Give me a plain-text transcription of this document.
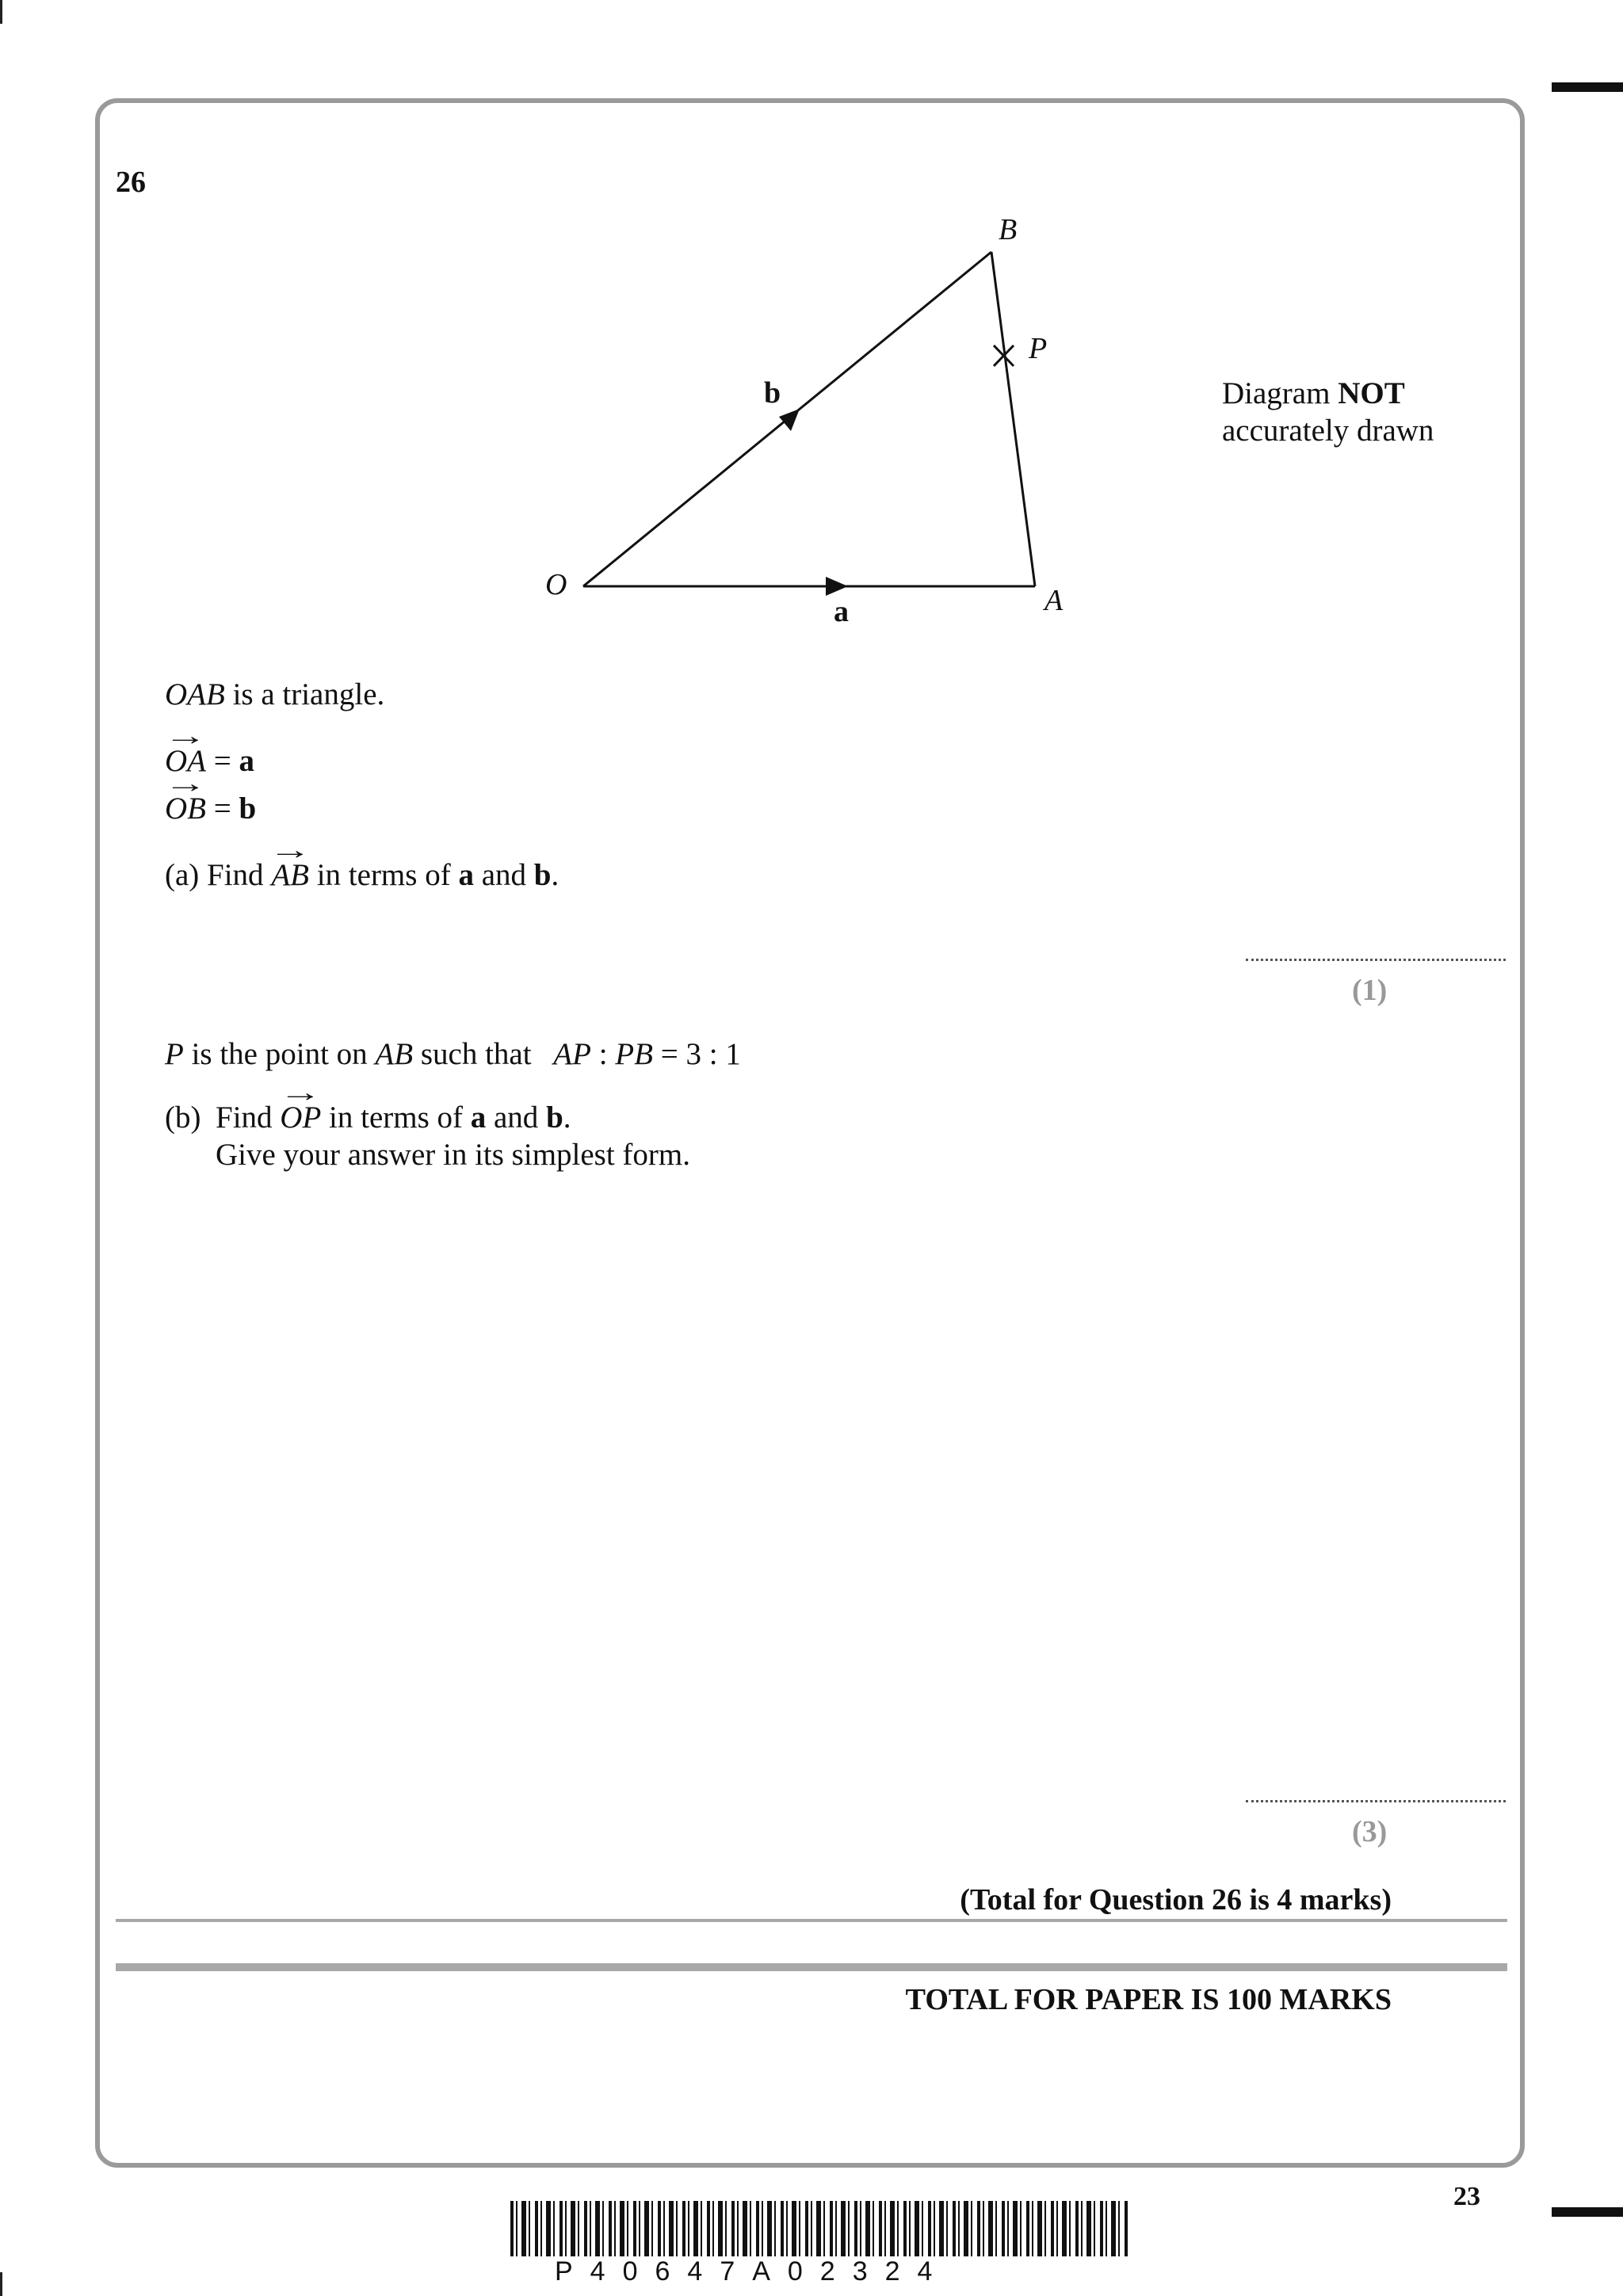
26
B
P
b
O	A
a
Diagram NOT
accurately drawn
OAB is a triangle.
→ OA = a
→ OB = b
(a) Find → AB in terms of a and b.
(1)
P is the point on AB such that AP : PB = 3 : 1
(b) Find → OP in terms of a and b.
Give your answer in its simplest form.
(3)
(Total for Question 26 is 4 marks)
TOTAL FOR PAPER IS 100 MARKS
23
P40647A02324
